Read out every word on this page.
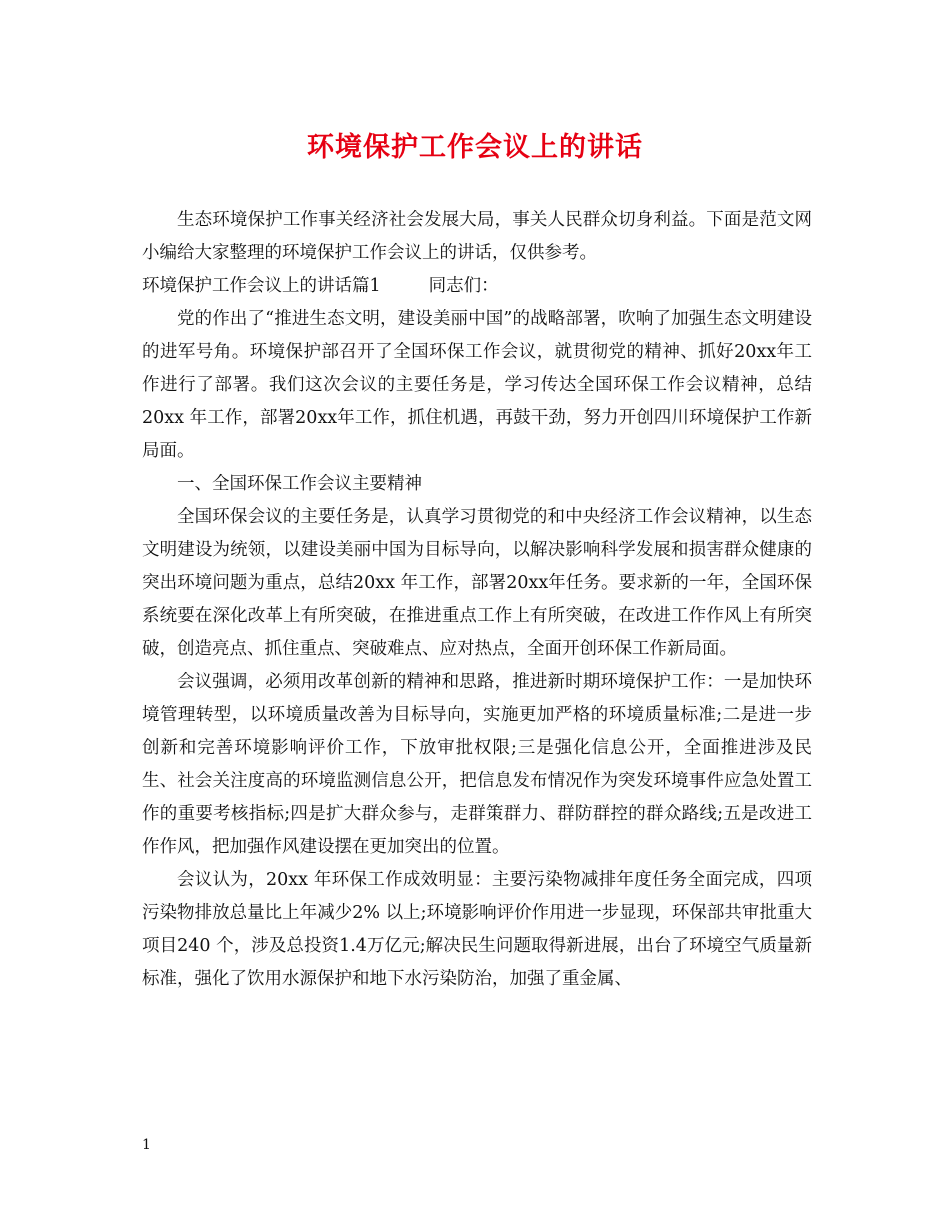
环境保护工作会议上的讲话

生态环境保护工作事关经济社会发展大局，事关人民群众切身利益。下面是范文网小编给大家整理的环境保护工作会议上的讲话，仅供参考。

环境保护工作会议上的讲话篇1	同志们：

党的作出了“推进生态文明，建设美丽中国”的战略部署，吹响了加强生态文明建设的进军号角。环境保护部召开了全国环保工作会议，就贯彻党的精神、抓好20xx年工作进行了部署。我们这次会议的主要任务是，学习传达全国环保工作会议精神，总结20xx 年工作，部署20xx年工作，抓住机遇，再鼓干劲，努力开创四川环境保护工作新局面。

一、全国环保工作会议主要精神

全国环保会议的主要任务是，认真学习贯彻党的和中央经济工作会议精神，以生态文明建设为统领，以建设美丽中国为目标导向，以解决影响科学发展和损害群众健康的突出环境问题为重点，总结20xx 年工作，部署20xx年任务。要求新的一年，全国环保系统要在深化改革上有所突破，在推进重点工作上有所突破，在改进工作作风上有所突破，创造亮点、抓住重点、突破难点、应对热点，全面开创环保工作新局面。

会议强调，必须用改革创新的精神和思路，推进新时期环境保护工作：一是加快环境管理转型，以环境质量改善为目标导向，实施更加严格的环境质量标准;二是进一步创新和完善环境影响评价工作，下放审批权限;三是强化信息公开，全面推进涉及民生、社会关注度高的环境监测信息公开，把信息发布情况作为突发环境事件应急处置工作的重要考核指标;四是扩大群众参与，走群策群力、群防群控的群众路线;五是改进工作作风，把加强作风建设摆在更加突出的位置。

会议认为，20xx 年环保工作成效明显：主要污染物减排年度任务全面完成，四项污染物排放总量比上年减少2% 以上;环境影响评价作用进一步显现，环保部共审批重大项目240 个，涉及总投资1.4万亿元;解决民生问题取得新进展，出台了环境空气质量新标准，强化了饮用水源保护和地下水污染防治，加强了重金属、

1
